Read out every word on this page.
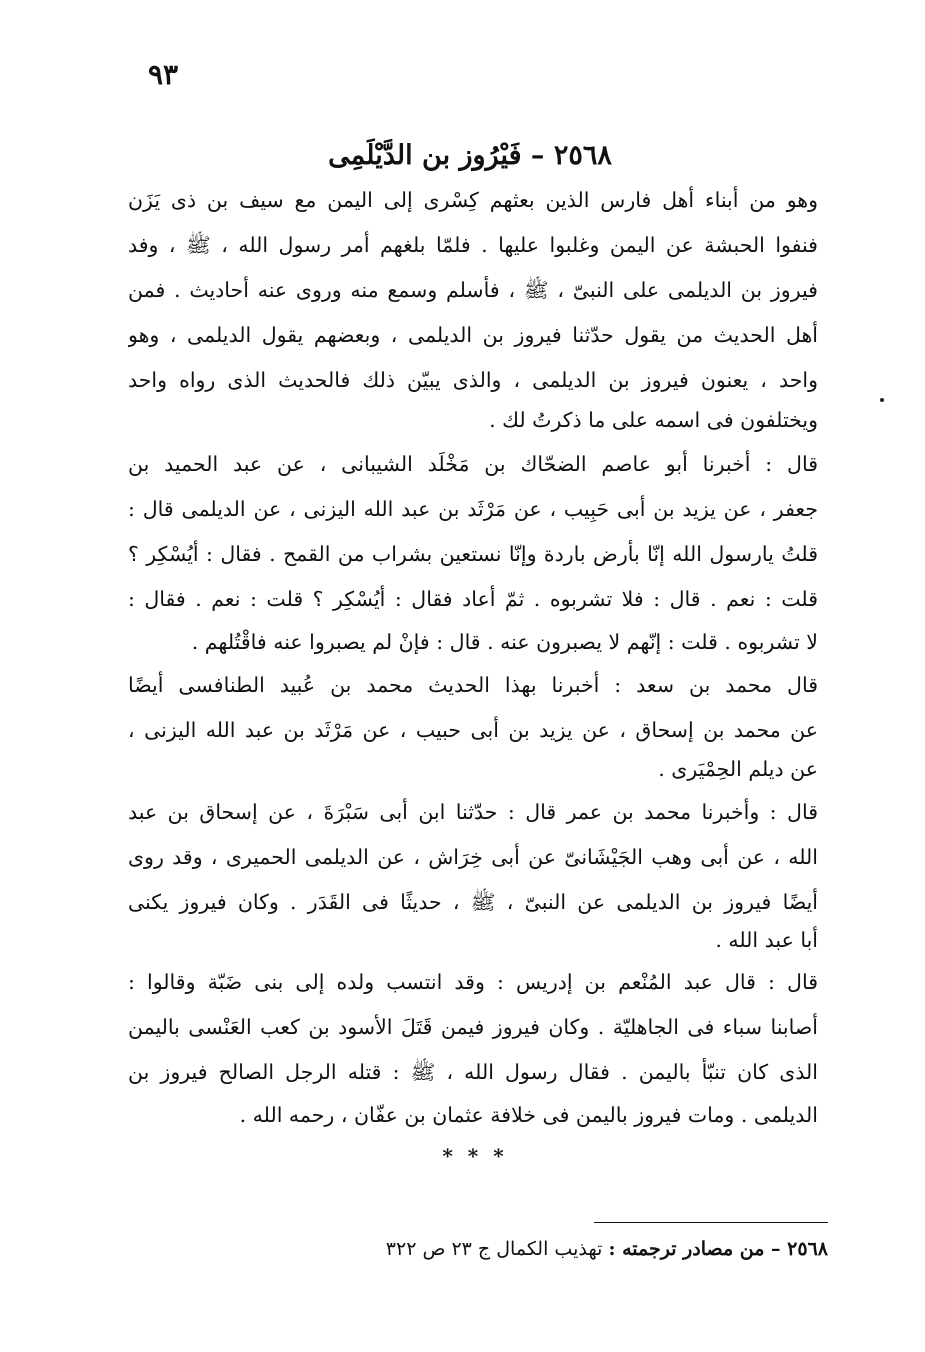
٩٣
٢٥٦٨ – فَيْرُوز بن الدَّيْلَمِى
وهو من أبناء أهل فارس الذين بعثهم كِسْرى إلى اليمن مع سيف بن ذى يَزَن
فنفوا الحبشة عن اليمن وغلبوا عليها . فلمّا بلغهم أمر رسول الله ، ﷺ ، وفد
فيروز بن الديلمى على النبىّ ، ﷺ ، فأسلم وسمع منه وروى عنه أحاديث . فمن
أهل الحديث من يقول حدّثنا فيروز بن الديلمى ، وبعضهم يقول الديلمى ، وهو
واحد ، يعنون فيروز بن الديلمى ، والذى يبيّن ذلك فالحديث الذى رواه واحد
ويختلفون فى اسمه على ما ذكرتُ لك .
قال : أخبرنا أبو عاصم الضحّاك بن مَخْلَد الشيبانى ، عن عبد الحميد بن
جعفر ، عن يزيد بن أَبى حَبِيب ، عن مَرْثَد بن عبد الله اليزنى ، عن الديلمى قال :
قلتُ يارسول الله إنّا بأرض باردة وإنّا نستعين بشراب من القمح . فقال : أيُسْكِر ؟
قلت : نعم . قال : فلا تشربوه . ثمّ أعاد فقال : أيُسْكِر ؟ قلت : نعم . فقال :
لا تشربوه . قلت : إنّهم لا يصبرون عنه . قال : فإنْ لم يصبروا عنه فاقْتُلهم .
قال محمد بن سعد : أخبرنا بهذا الحديث محمد بن عُبيد الطنافسى أيضًا
عن محمد بن إسحاق ، عن يزيد بن أبى حبيب ، عن مَرْثَد بن عبد الله اليزنى ،
عن ديلم الحِمْيَرى .
قال : وأخبرنا محمد بن عمر قال : حدّثنا ابن أَبى سَبْرَةَ ، عن إسحاق بن عبد
الله ، عن أبى وهب الجَيْشَانىّ عن أبى خِرَاش ، عن الديلمى الحميرى ، وقد روى
أيضًا فيروز بن الديلمى عن النبىّ ، ﷺ ، حديثًا فى القَدَر . وكان فيروز يكنى
أبا عبد الله .
قال : قال عبد المُنْعم بن إدريس : وقد انتسب ولده إلى بنى ضَبّة وقالوا :
أصابنا سباء فى الجاهليّة . وكان فيروز فيمن قَتَلَ الأسود بن كعب العَنْسى باليمن
الذى كان تنبّأ باليمن . فقال رسول الله ، ﷺ : قتله الرجل الصالح فيروز بن
الديلمى . ومات فيروز باليمن فى خلافة عثمان بن عفّان ، رحمه الله .
* * *
٢٥٦٨ – من مصادر ترجمته : تهذيب الكمال ج ٢٣ ص ٣٢٢
